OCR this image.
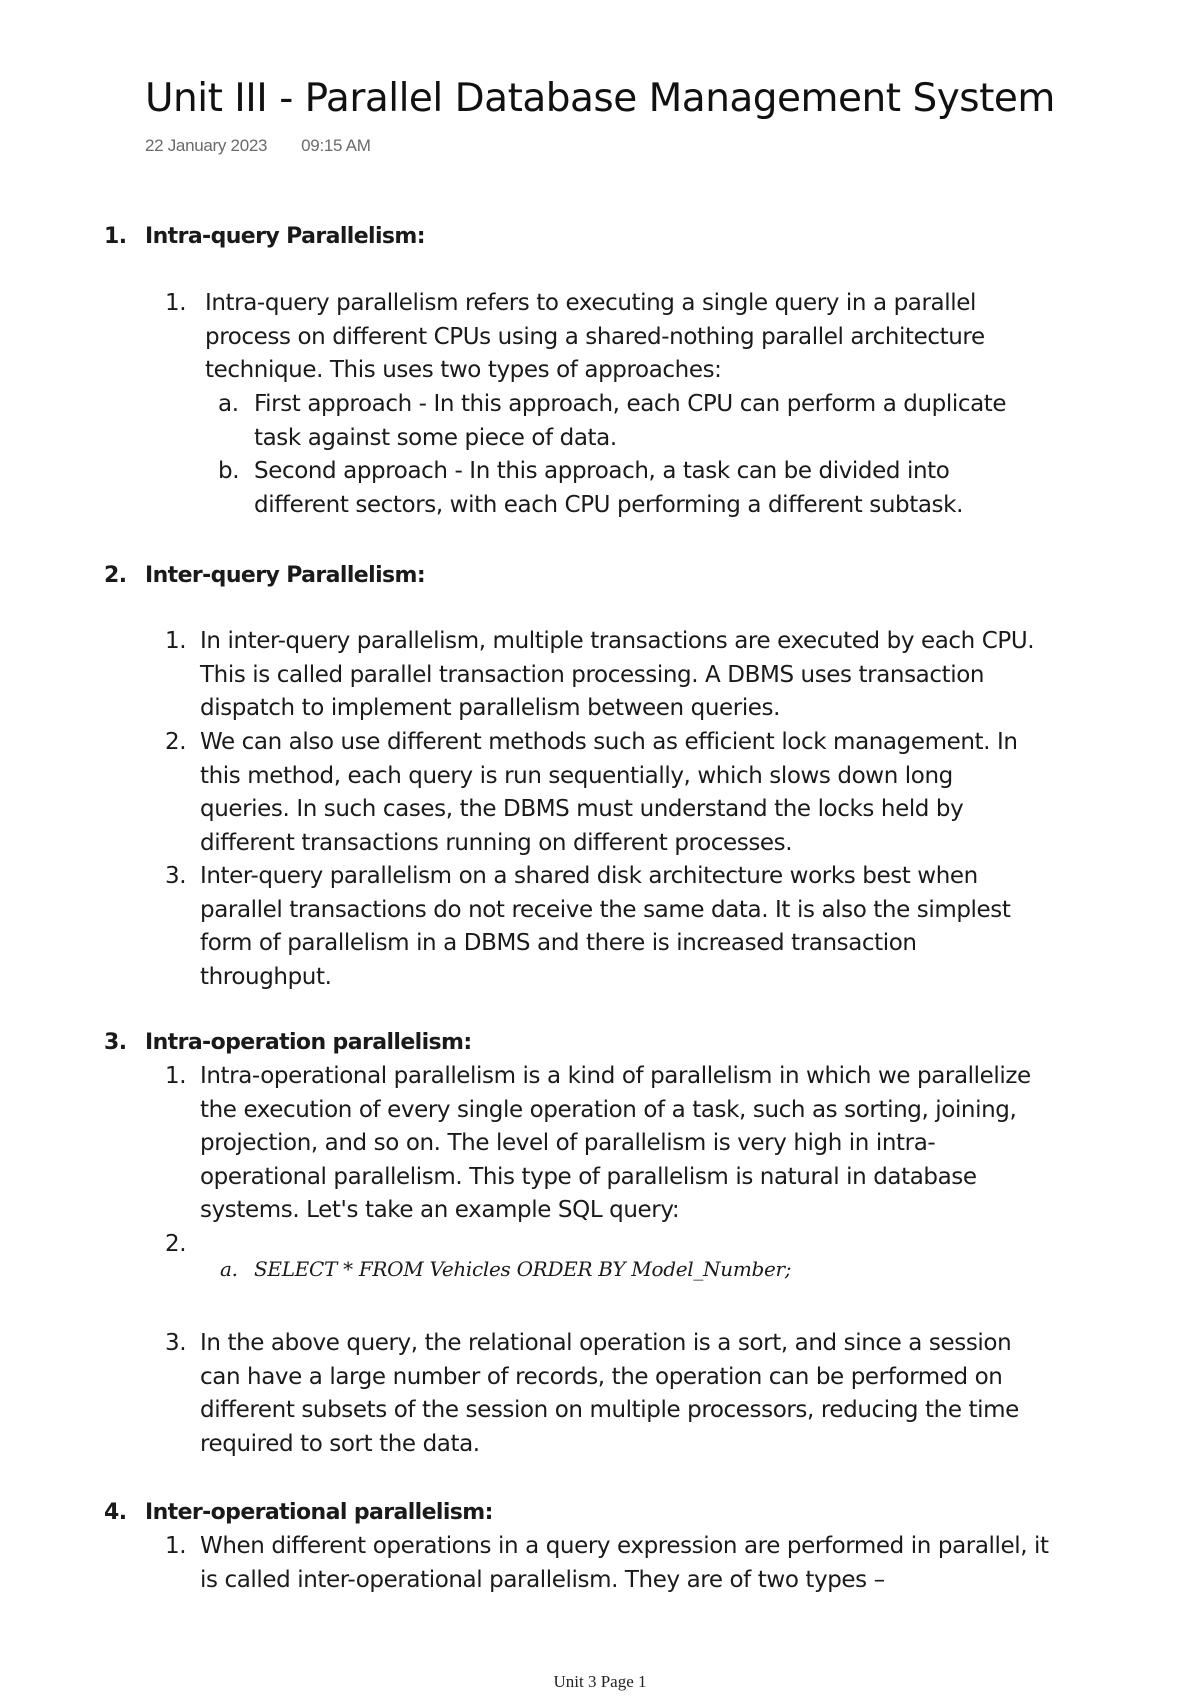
Unit III - Parallel Database Management System
22 January 2023 09:15 AM
1. Intra-query Parallelism:
1. Intra-query parallelism refers to executing a single query in a parallel process on different CPUs using a shared-nothing parallel architecture technique. This uses two types of approaches:
a. First approach - In this approach, each CPU can perform a duplicate task against some piece of data.
b. Second approach - In this approach, a task can be divided into different sectors, with each CPU performing a different subtask.
2. Inter-query Parallelism:
1. In inter-query parallelism, multiple transactions are executed by each CPU. This is called parallel transaction processing. A DBMS uses transaction dispatch to implement parallelism between queries.
2. We can also use different methods such as efficient lock management. In this method, each query is run sequentially, which slows down long queries. In such cases, the DBMS must understand the locks held by different transactions running on different processes.
3. Inter-query parallelism on a shared disk architecture works best when parallel transactions do not receive the same data. It is also the simplest form of parallelism in a DBMS and there is increased transaction throughput.
3. Intra-operation parallelism:
1. Intra-operational parallelism is a kind of parallelism in which we parallelize the execution of every single operation of a task, such as sorting, joining, projection, and so on. The level of parallelism is very high in intra-operational parallelism. This type of parallelism is natural in database systems. Let's take an example SQL query:
2.
a. SELECT * FROM Vehicles ORDER BY Model_Number;
3. In the above query, the relational operation is a sort, and since a session can have a large number of records, the operation can be performed on different subsets of the session on multiple processors, reducing the time required to sort the data.
4. Inter-operational parallelism:
1. When different operations in a query expression are performed in parallel, it is called inter-operational parallelism. They are of two types –
Unit 3 Page 1
